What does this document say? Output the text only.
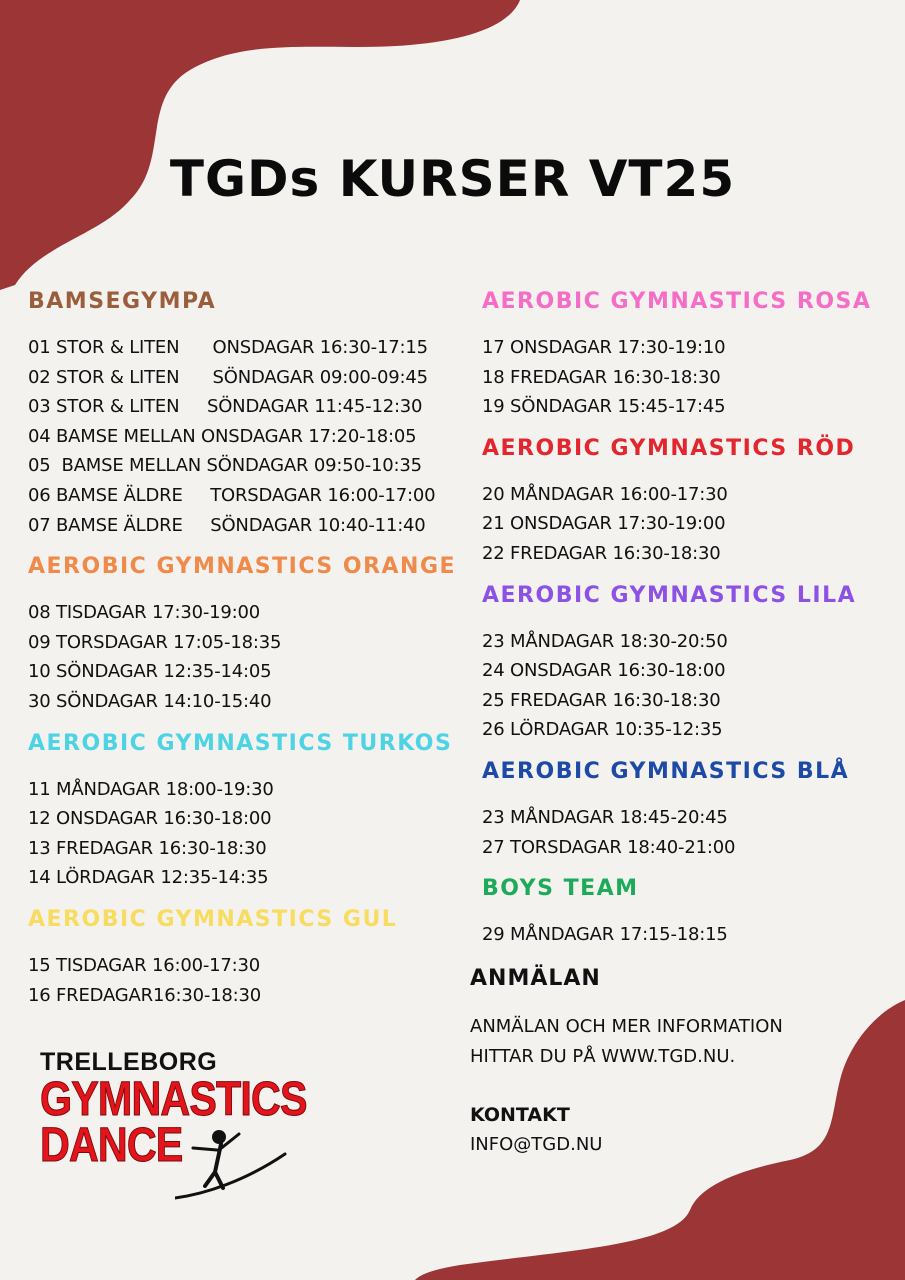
TGDs KURSER VT25
BAMSEGYMPA
01 STOR & LITEN      ONSDAGAR 16:30-17:15
02 STOR & LITEN      SÖNDAGAR 09:00-09:45
03 STOR & LITEN     SÖNDAGAR 11:45-12:30
04 BAMSE MELLAN ONSDAGAR 17:20-18:05
05  BAMSE MELLAN SÖNDAGAR 09:50-10:35
06 BAMSE ÄLDRE     TORSDAGAR 16:00-17:00
07 BAMSE ÄLDRE     SÖNDAGAR 10:40-11:40
AEROBIC GYMNASTICS ORANGE
08 TISDAGAR 17:30-19:00
09 TORSDAGAR 17:05-18:35
10 SÖNDAGAR 12:35-14:05
30 SÖNDAGAR 14:10-15:40
AEROBIC GYMNASTICS TURKOS
11 MÅNDAGAR 18:00-19:30
12 ONSDAGAR 16:30-18:00
13 FREDAGAR 16:30-18:30
14 LÖRDAGAR 12:35-14:35
AEROBIC GYMNASTICS GUL
15 TISDAGAR 16:00-17:30
16 FREDAGAR16:30-18:30
AEROBIC GYMNASTICS ROSA
17 ONSDAGAR 17:30-19:10
18 FREDAGAR 16:30-18:30
19 SÖNDAGAR 15:45-17:45
AEROBIC GYMNASTICS RÖD
20 MÅNDAGAR 16:00-17:30
21 ONSDAGAR 17:30-19:00
22 FREDAGAR 16:30-18:30
AEROBIC GYMNASTICS LILA
23 MÅNDAGAR 18:30-20:50
24 ONSDAGAR 16:30-18:00
25 FREDAGAR 16:30-18:30
26 LÖRDAGAR 10:35-12:35
AEROBIC GYMNASTICS BLÅ
23 MÅNDAGAR 18:45-20:45
27 TORSDAGAR 18:40-21:00
BOYS TEAM
29 MÅNDAGAR 17:15-18:15
ANMÄLAN
ANMÄLAN OCH MER INFORMATION
HITTAR DU PÅ WWW.TGD.NU.
KONTAKT
INFO@TGD.NU
TRELLEBORG
GYMNASTICS
DANCE
